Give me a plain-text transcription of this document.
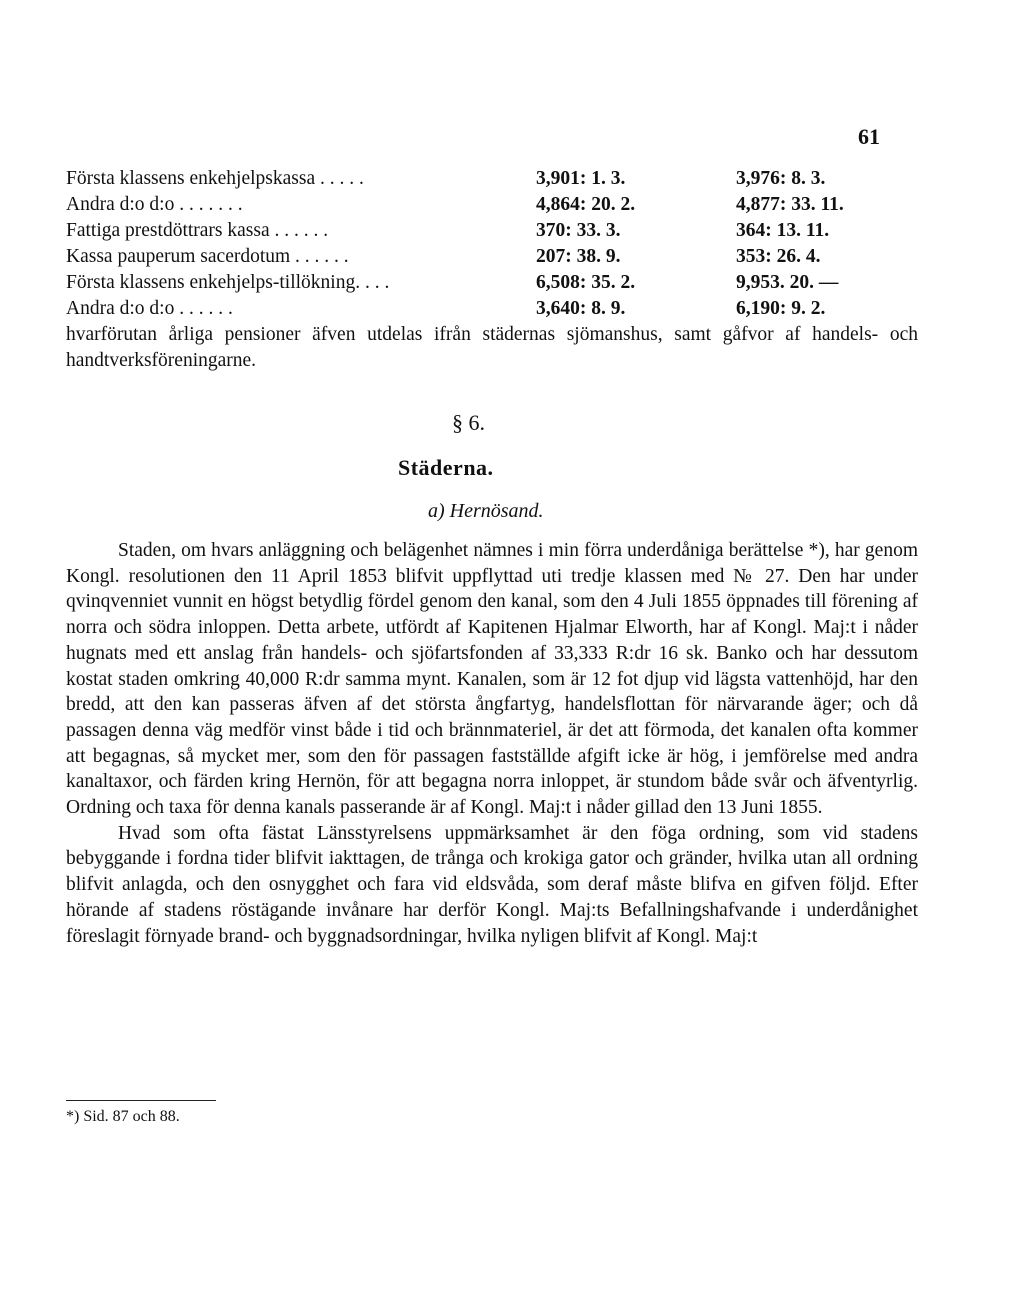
61
Första klassens enkehjelpskassa . . . . .	3,901: 1. 3.	3,976: 8. 3.
Andra d:o d:o . . . . . . .	4,864: 20. 2.	4,877: 33. 11.
Fattiga prestdöttrars kassa . . . . . .	370: 33. 3.	364: 13. 11.
Kassa pauperum sacerdotum . . . . . .	207: 38. 9.	353: 26. 4.
Första klassens enkehjelps-tillökning. . . .	6,508: 35. 2.	9,953. 20. —
Andra d:o d:o . . . . . .	3,640: 8. 9.	6,190: 9. 2.

hvarförutan årliga pensioner äfven utdelas ifrån städernas sjömanshus, samt gåfvor af handels- och handtverksföreningarne.

§ 6.
Städerna.
a) Hernösand.

Staden, om hvars anläggning och belägenhet nämnes i min förra underdåniga berättelse *), har genom Kongl. resolutionen den 11 April 1853 blifvit uppflyttad uti tredje klassen med № 27. Den har under qvinqvenniet vunnit en högst betydlig fördel genom den kanal, som den 4 Juli 1855 öppnades till förening af norra och södra inloppen. Detta arbete, utfördt af Kapitenen Hjalmar Elworth, har af Kongl. Maj:t i nåder hugnats med ett anslag från handels- och sjöfartsfonden af 33,333 R:dr 16 sk. Banko och har dessutom kostat staden omkring 40,000 R:dr samma mynt. Kanalen, som är 12 fot djup vid lägsta vattenhöjd, har den bredd, att den kan passeras äfven af det största ångfartyg, handelsflottan för närvarande äger; och då passagen denna väg medför vinst både i tid och brännmateriel, är det att förmoda, det kanalen ofta kommer att begagnas, så mycket mer, som den för passagen fastställde afgift icke är hög, i jemförelse med andra kanaltaxor, och färden kring Hernön, för att begagna norra inloppet, är stundom både svår och äfventyrlig. Ordning och taxa för denna kanals passerande är af Kongl. Maj:t i nåder gillad den 13 Juni 1855.

Hvad som ofta fästat Länsstyrelsens uppmärksamhet är den föga ordning, som vid stadens bebyggande i fordna tider blifvit iakttagen, de trånga och krokiga gator och gränder, hvilka utan all ordning blifvit anlagda, och den osnygghet och fara vid eldsvåda, som deraf måste blifva en gifven följd. Efter hörande af stadens röstägande invånare har derför Kongl. Maj:ts Befallningshafvande i underdånighet föreslagit förnyade brand- och byggnadsordningar, hvilka nyligen blifvit af Kongl. Maj:t

*) Sid. 87 och 88.
